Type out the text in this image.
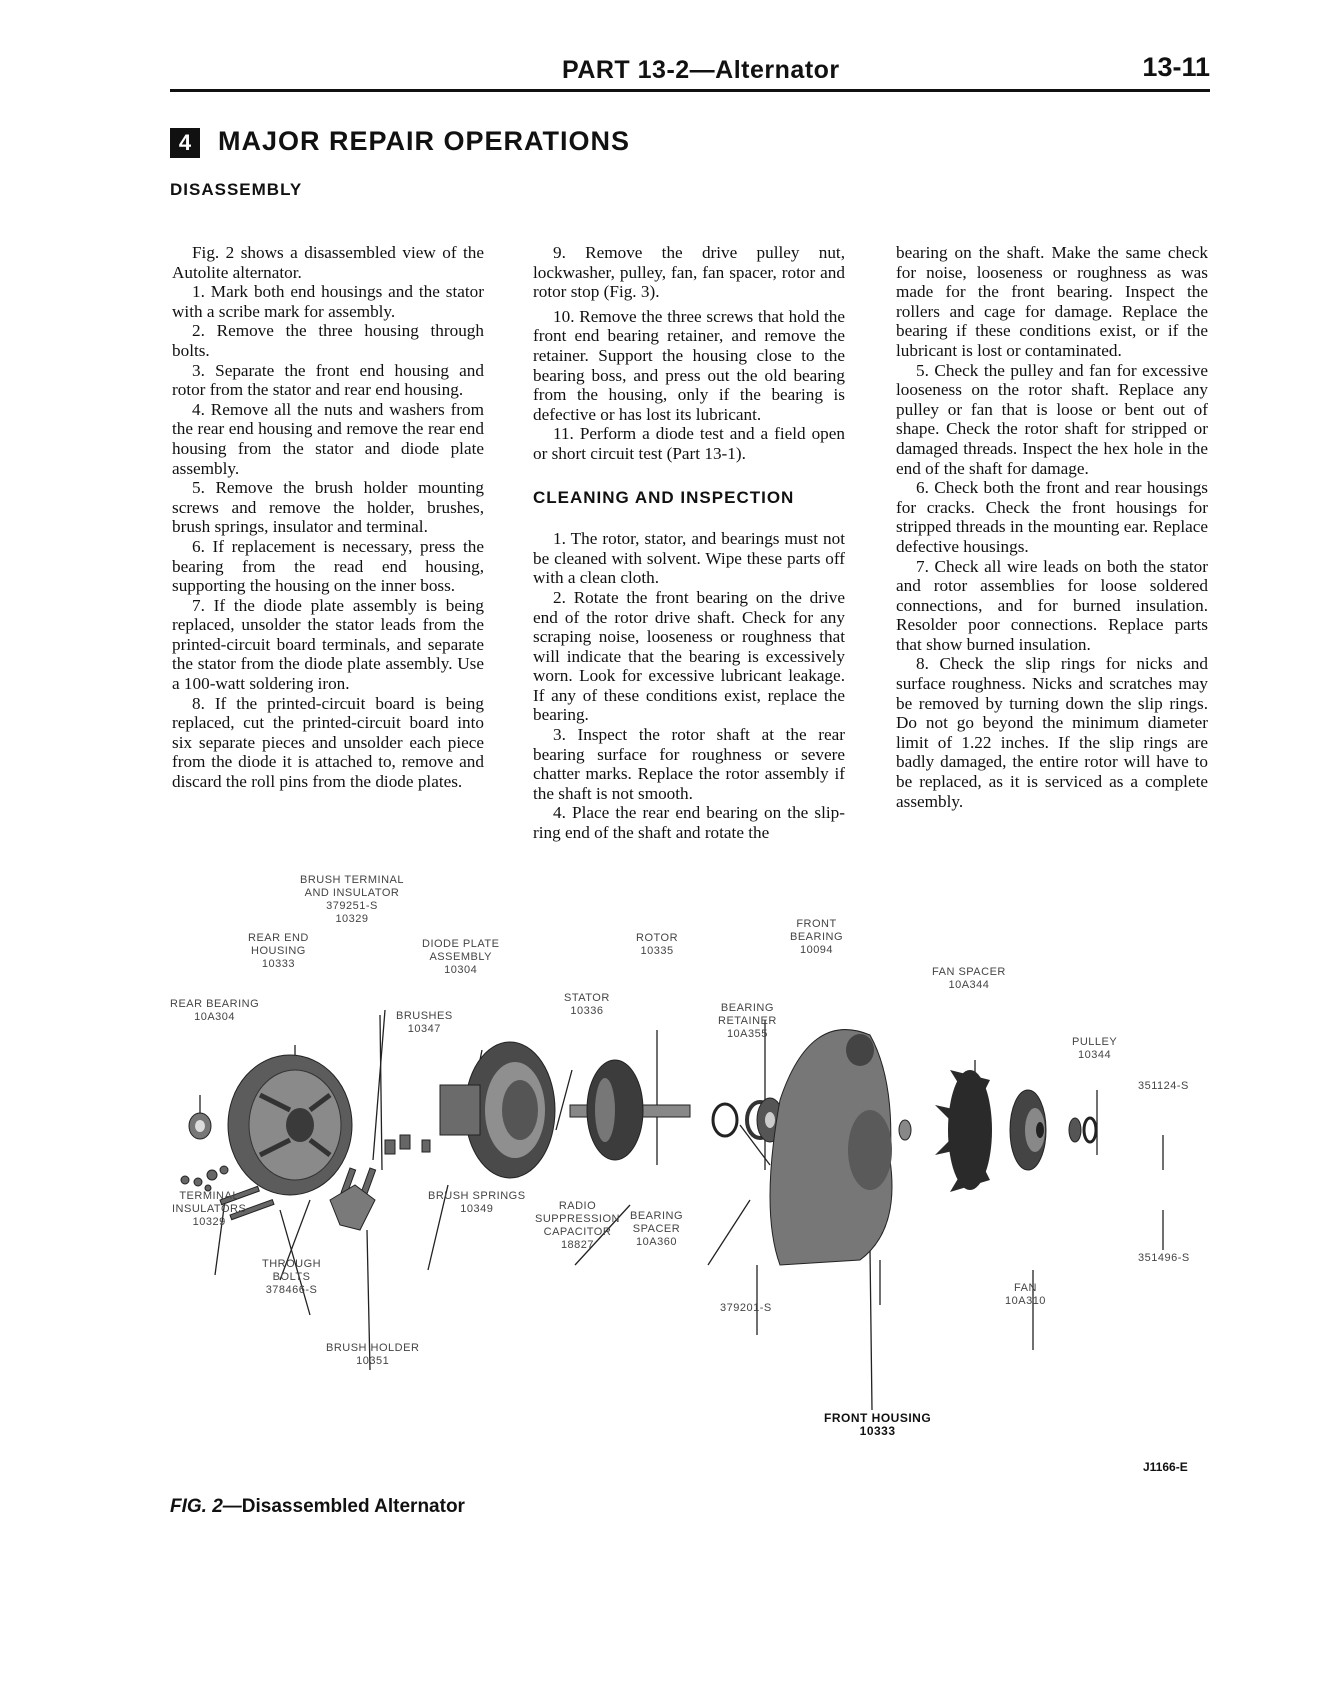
PART 13-2—Alternator	13-11
4 MAJOR REPAIR OPERATIONS
DISASSEMBLY

Fig. 2 shows a disassembled view of the Autolite alternator.

1. Mark both end housings and the stator with a scribe mark for assembly.

2. Remove the three housing through bolts.

3. Separate the front end housing and rotor from the stator and rear end housing.

4. Remove all the nuts and washers from the rear end housing and remove the rear end housing from the stator and diode plate assembly.

5. Remove the brush holder mounting screws and remove the holder, brushes, brush springs, insulator and terminal.

6. If replacement is necessary, press the bearing from the read end housing, supporting the housing on the inner boss.

7. If the diode plate assembly is being replaced, unsolder the stator leads from the printed-circuit board terminals, and separate the stator from the diode plate assembly. Use a 100-watt soldering iron.

8. If the printed-circuit board is being replaced, cut the printed-circuit board into six separate pieces and unsolder each piece from the diode it is attached to, remove and discard the roll pins from the diode plates.

9. Remove the drive pulley nut, lockwasher, pulley, fan, fan spacer, rotor and rotor stop (Fig. 3).

10. Remove the three screws that hold the front end bearing retainer, and remove the retainer. Support the housing close to the bearing boss, and press out the old bearing from the housing, only if the bearing is defective or has lost its lubricant.

11. Perform a diode test and a field open or short circuit test (Part 13-1).

CLEANING AND INSPECTION

1. The rotor, stator, and bearings must not be cleaned with solvent. Wipe these parts off with a clean cloth.

2. Rotate the front bearing on the drive end of the rotor drive shaft. Check for any scraping noise, looseness or roughness that will indicate that the bearing is excessively worn. Look for excessive lubricant leakage. If any of these conditions exist, replace the bearing.

3. Inspect the rotor shaft at the rear bearing surface for roughness or severe chatter marks. Replace the rotor assembly if the shaft is not smooth.

4. Place the rear end bearing on the slip-ring end of the shaft and rotate the

bearing on the shaft. Make the same check for noise, looseness or roughness as was made for the front bearing. Inspect the rollers and cage for damage. Replace the bearing if these conditions exist, or if the lubricant is lost or contaminated.

5. Check the pulley and fan for excessive looseness on the rotor shaft. Replace any pulley or fan that is loose or bent out of shape. Check the rotor shaft for stripped or damaged threads. Inspect the hex hole in the end of the shaft for damage.

6. Check both the front and rear housings for cracks. Check the front housings for stripped threads in the mounting ear. Replace defective housings.

7. Check all wire leads on both the stator and rotor assemblies for loose soldered connections, and for burned insulation. Resolder poor connections. Replace parts that show burned insulation.

8. Check the slip rings for nicks and surface roughness. Nicks and scratches may be removed by turning down the slip rings. Do not go beyond the minimum diameter limit of 1.22 inches. If the slip rings are badly damaged, the entire rotor will have to be replaced, as it is serviced as a complete assembly.

BRUSH TERMINAL
AND INSULATOR
379251-S
10329
REAR END
HOUSING
10333
DIODE PLATE
ASSEMBLY
10304
ROTOR
10335
FRONT
BEARING
10094
FAN SPACER
10A344
REAR BEARING
10A304	BRUSHES
10347
STATOR
10336	BEARING
RETAINER
10A355
PULLEY
10344
351124-S
TERMINAL
INSULATORS
10329
BRUSH SPRINGS
10349	RADIO
SUPPRESSION
CAPACITOR
18827
BEARING
SPACER
10A360
351496-S
THROUGH
BOLTS
378466-S
379201-S
FAN
10A310
BRUSH HOLDER
10351
FRONT HOUSING
10333
J1166-E
FIG. 2—Disassembled Alternator
